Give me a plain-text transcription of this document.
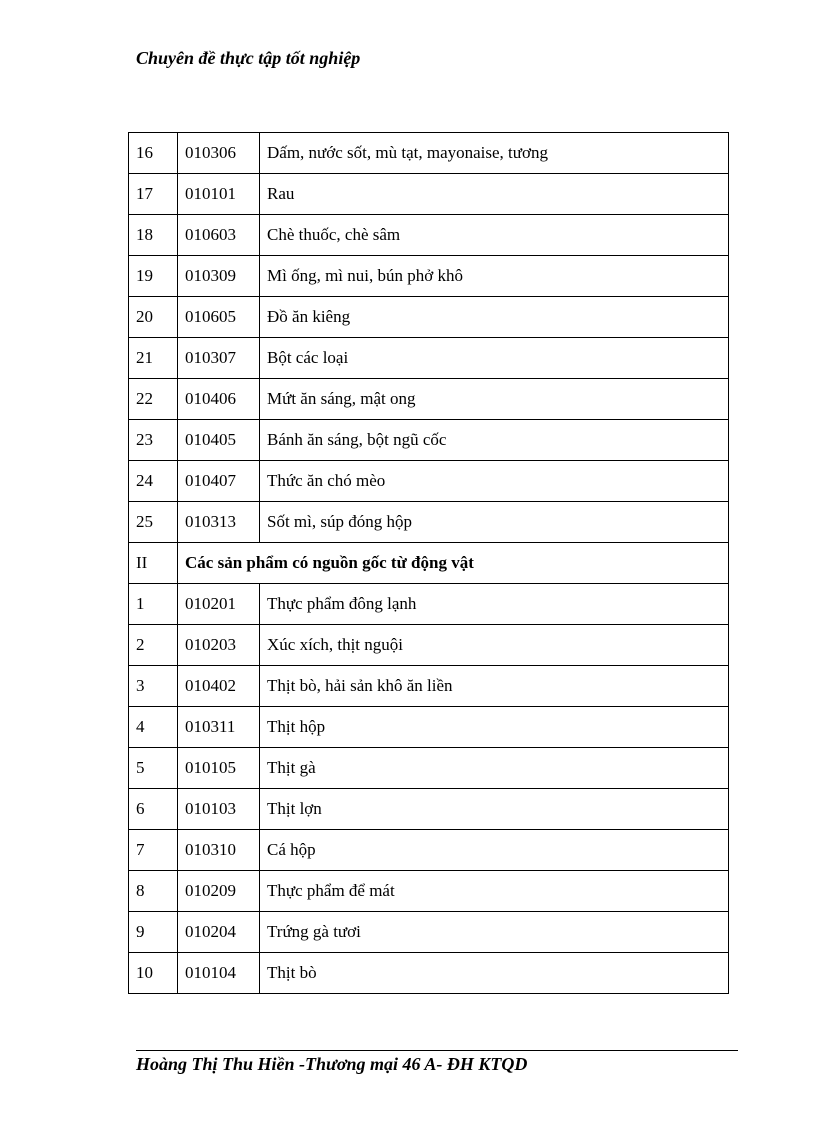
Chuyên đề thực tập tốt nghiệp
16	010306	Dấm, nước sốt, mù tạt, mayonaise, tương
17	010101	Rau
18	010603	Chè thuốc, chè sâm
19	010309	Mì ống, mì nui, bún phở khô
20	010605	Đồ ăn kiêng
21	010307	Bột các loại
22	010406	Mứt ăn sáng, mật ong
23	010405	Bánh ăn sáng, bột ngũ cốc
24	010407	Thức ăn chó mèo
25	010313	Sốt mì, súp đóng hộp
II	Các sản phẩm có nguồn gốc từ động vật	
1	010201	Thực phẩm đông lạnh
2	010203	Xúc xích, thịt nguội
3	010402	Thịt bò, hải sản khô ăn liền
4	010311	Thịt hộp
5	010105	Thịt gà
6	010103	Thịt lợn
7	010310	Cá hộp
8	010209	Thực phẩm để mát
9	010204	Trứng gà tươi
10	010104	Thịt bò
Hoàng Thị Thu Hiền -Thương mại 46 A- ĐH KTQD
